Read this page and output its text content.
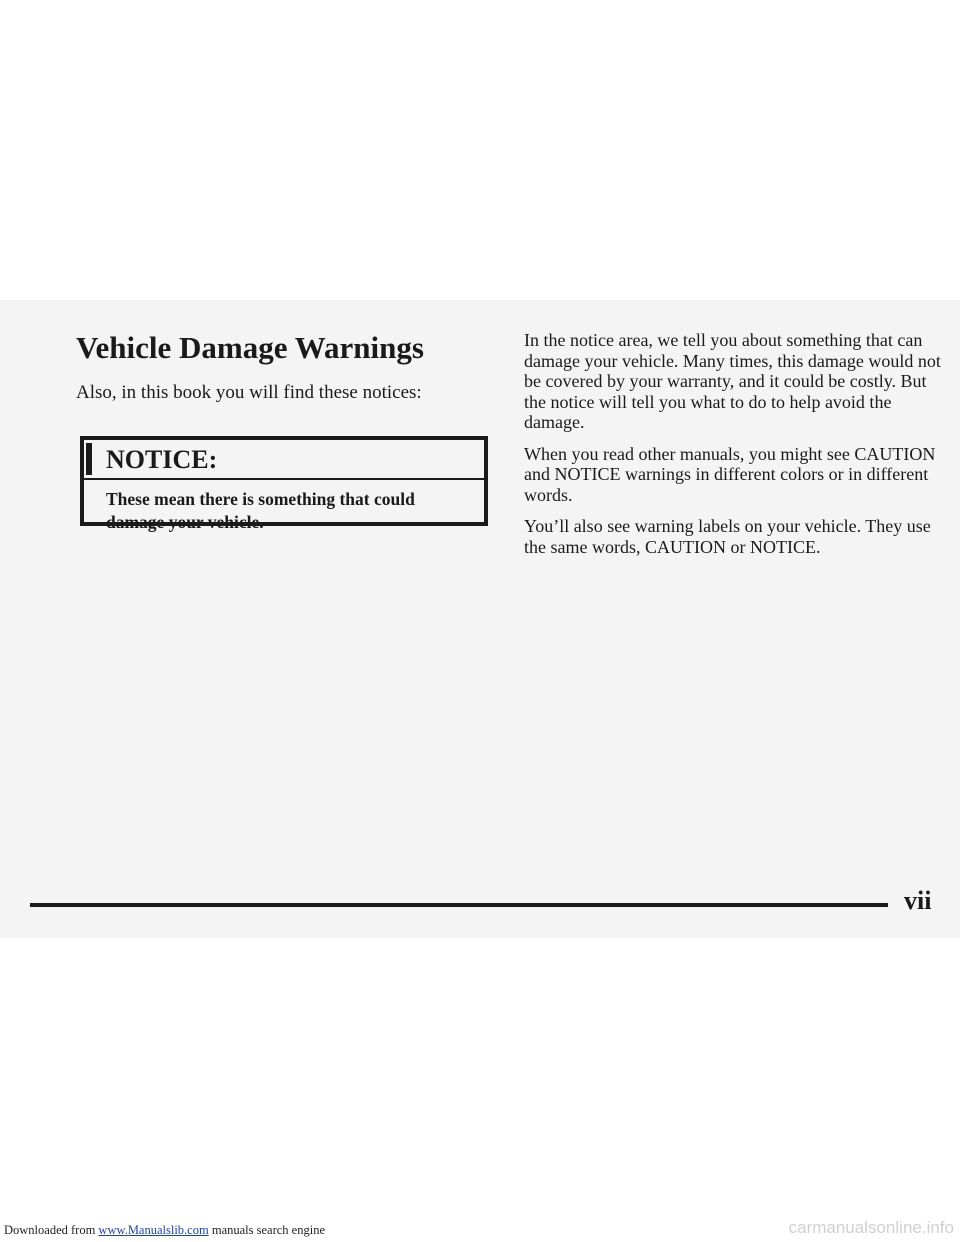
Vehicle Damage Warnings

Also, in this book you will find these notices:

NOTICE:

These mean there is something that could damage your vehicle.

In the notice area, we tell you about something that can damage your vehicle. Many times, this damage would not be covered by your warranty, and it could be costly. But the notice will tell you what to do to help avoid the damage.

When you read other manuals, you might see CAUTION and NOTICE warnings in different colors or in different words.

You’ll also see warning labels on your vehicle. They use the same words, CAUTION or NOTICE.

vii
Downloaded from www.Manualslib.com manuals search engine	carmanualsonline.info
